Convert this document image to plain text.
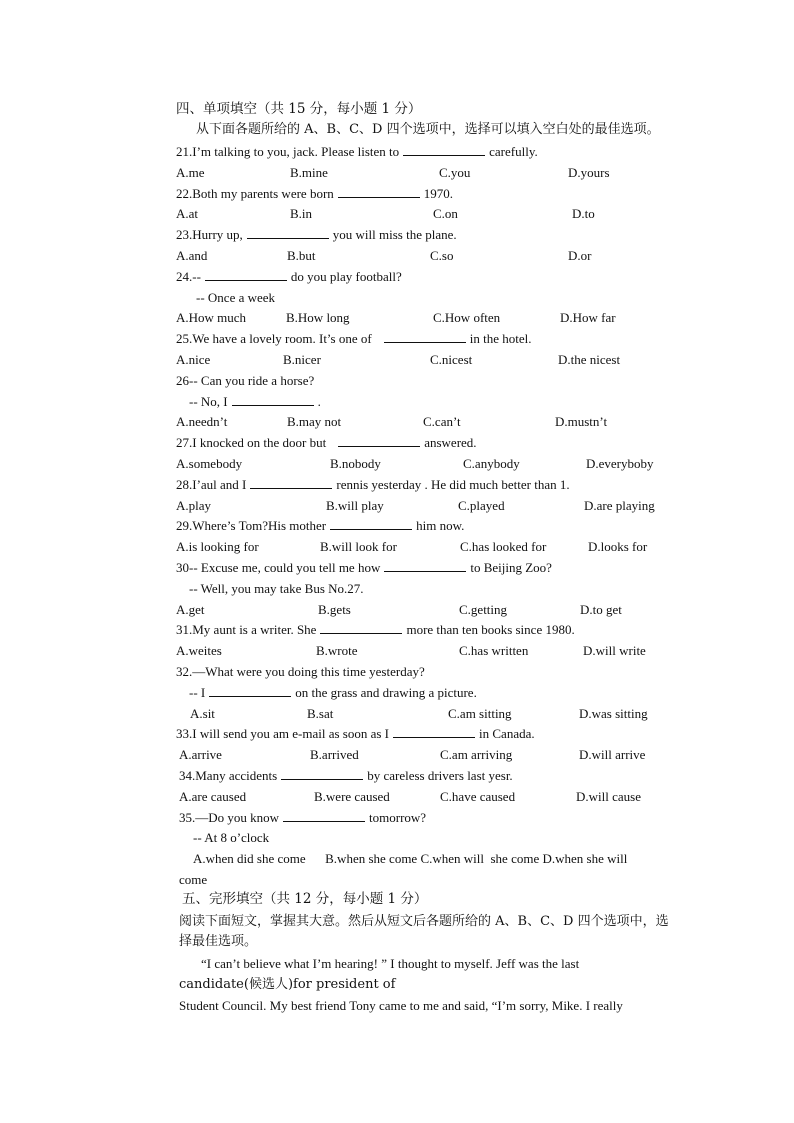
四、单项填空（共 15 分，每小题 1 分）
从下面各题所给的 A、B、C、D 四个选项中，选择可以填入空白处的最佳选项。
21.I’m talking to you, jack. Please listen to	carefully.
A.me	B.mine	C.you	D.yours
22.Both my parents were born	1970.
A.at	B.in	C.on	D.to
23.Hurry up,	you will miss the plane.
A.and	B.but	C.so	D.or
24.--	do you play football?
-- Once a week
A.How much	B.How long	C.How often	D.How far
25.We have a lovely room. It’s one of	in the hotel.
A.nice	B.nicer	C.nicest	D.the nicest
26-- Can you ride a horse?
-- No, I	.
A.needn’t	B.may not	C.can’t	D.mustn’t
27.I knocked on the door but	answered.
A.somebody	B.nobody	C.anybody	D.everyboby
28.I’aul and I	rennis yesterday . He did much better than 1.
A.play	B.will play	C.played	D.are playing
29.Where’s Tom?His mother	him now.
A.is looking for	B.will look for	C.has looked for	D.looks for
30-- Excuse me, could you tell me how	to Beijing Zoo?
-- Well, you may take Bus No.27.
A.get	B.gets	C.getting	D.to get
31.My aunt is a writer. She	more than ten books since 1980.
A.weites	B.wrote	C.has written	D.will write
32.—What were you doing this time yesterday?
-- I	on the grass and drawing a picture.
A.sit	B.sat	C.am sitting	D.was sitting
33.I will send you am e-mail as soon as I	in Canada.
A.arrive	B.arrived	C.am arriving	D.will arrive
34.Many accidents	by careless drivers last yesr.
A.are caused	B.were caused	C.have caused	D.will cause
35.—Do you know	tomorrow?
-- At 8 o’clock
A.when did she come      B.when she come C.when will  she come D.when she will
come
五、完形填空（共 12 分，每小题 1 分）
阅读下面短文，掌握其大意。然后从短文后各题所给的 A、B、C、D 四个选项中，选择最佳选项。
“I can’t believe what I’m hearing! ” I thought to myself. Jeff was the last
candidate(候选人)for president of
Student Council. My best friend Tony came to me and said, “I’m sorry, Mike. I really
